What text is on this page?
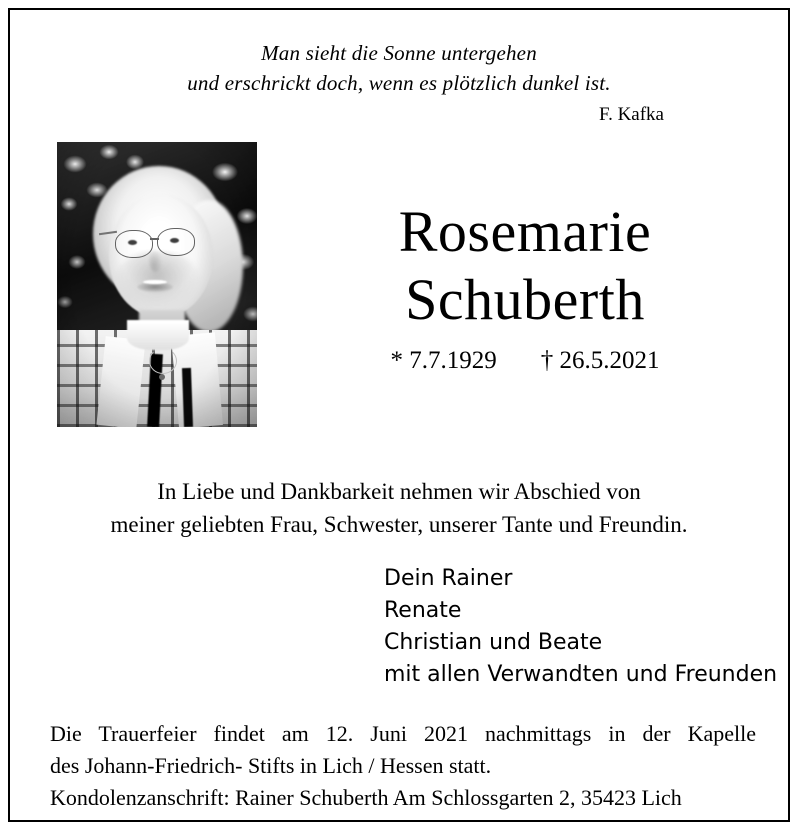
Man sieht die Sonne untergehen
und erschrickt doch, wenn es plötzlich dunkel ist.
F. Kafka
Rosemarie
Schuberth
* 7.7.1929 † 26.5.2021
In Liebe und Dankbarkeit nehmen wir Abschied von
meiner geliebten Frau, Schwester, unserer Tante und Freundin.
Dein Rainer
Renate
Christian und Beate
mit allen Verwandten und Freunden
Die Trauerfeier findet am 12. Juni 2021 nachmittags in der Kapelle
des Johann-Friedrich- Stifts in Lich / Hessen statt.
Kondolenzanschrift: Rainer Schuberth Am Schlossgarten 2, 35423 Lich
